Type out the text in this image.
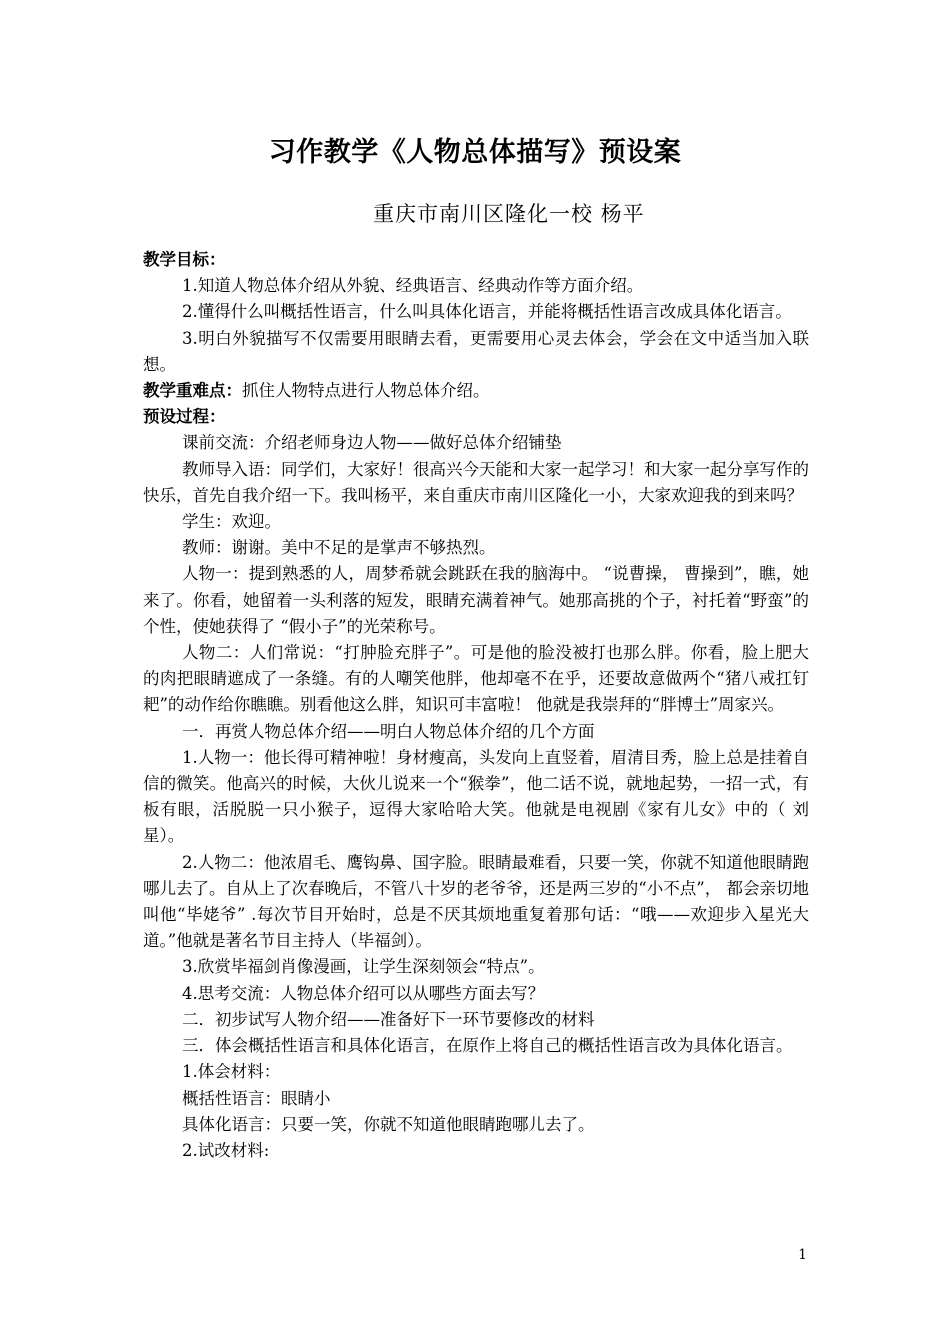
习作教学《人物总体描写》预设案
重庆市南川区隆化一校 杨平

教学目标：

1.知道人物总体介绍从外貌、经典语言、经典动作等方面介绍。

2.懂得什么叫概括性语言，什么叫具体化语言，并能将概括性语言改成具体化语言。

3.明白外貌描写不仅需要用眼睛去看，更需要用心灵去体会，学会在文中适当加入联想。

教学重难点：抓住人物特点进行人物总体介绍。

预设过程：

课前交流：介绍老师身边人物——做好总体介绍铺垫

教师导入语：同学们，大家好！很高兴今天能和大家一起学习！和大家一起分享写作的快乐，首先自我介绍一下。我叫杨平，来自重庆市南川区隆化一小，大家欢迎我的到来吗？

学生：欢迎。

教师：谢谢。美中不足的是掌声不够热烈。

人物一：提到熟悉的人，周梦希就会跳跃在我的脑海中。 “说曹操， 曹操到”，瞧，她来了。你看，她留着一头利落的短发，眼睛充满着神气。她那高挑的个子，衬托着“野蛮”的个性，使她获得了 “假小子”的光荣称号。

人物二：人们常说：“打肿脸充胖子”。可是他的脸没被打也那么胖。你看，脸上肥大的肉把眼睛遮成了一条缝。有的人嘲笑他胖，他却毫不在乎，还要故意做两个“猪八戒扛钉耙”的动作给你瞧瞧。别看他这么胖，知识可丰富啦！ 他就是我崇拜的“胖博士”周家兴。

一．再赏人物总体介绍——明白人物总体介绍的几个方面

1.人物一：他长得可精神啦！身材瘦高，头发向上直竖着，眉清目秀，脸上总是挂着自信的微笑。他高兴的时候，大伙儿说来一个“猴拳”，他二话不说，就地起势，一招一式，有板有眼，活脱脱一只小猴子，逗得大家哈哈大笑。他就是电视剧《家有儿女》中的（ 刘星）。

2.人物二：他浓眉毛、鹰钩鼻、国字脸。眼睛最难看，只要一笑，你就不知道他眼睛跑哪儿去了。自从上了次春晚后，不管八十岁的老爷爷，还是两三岁的“小不点”， 都会亲切地叫他“毕姥爷” .每次节目开始时，总是不厌其烦地重复着那句话：“哦——欢迎步入星光大道。”他就是著名节目主持人（毕福剑）。

3.欣赏毕福剑肖像漫画，让学生深刻领会“特点”。

4.思考交流：人物总体介绍可以从哪些方面去写？

二．初步试写人物介绍——准备好下一环节要修改的材料

三．体会概括性语言和具体化语言，在原作上将自己的概括性语言改为具体化语言。

1.体会材料：

概括性语言：眼睛小

具体化语言：只要一笑，你就不知道他眼睛跑哪儿去了。

2.试改材料:

1
